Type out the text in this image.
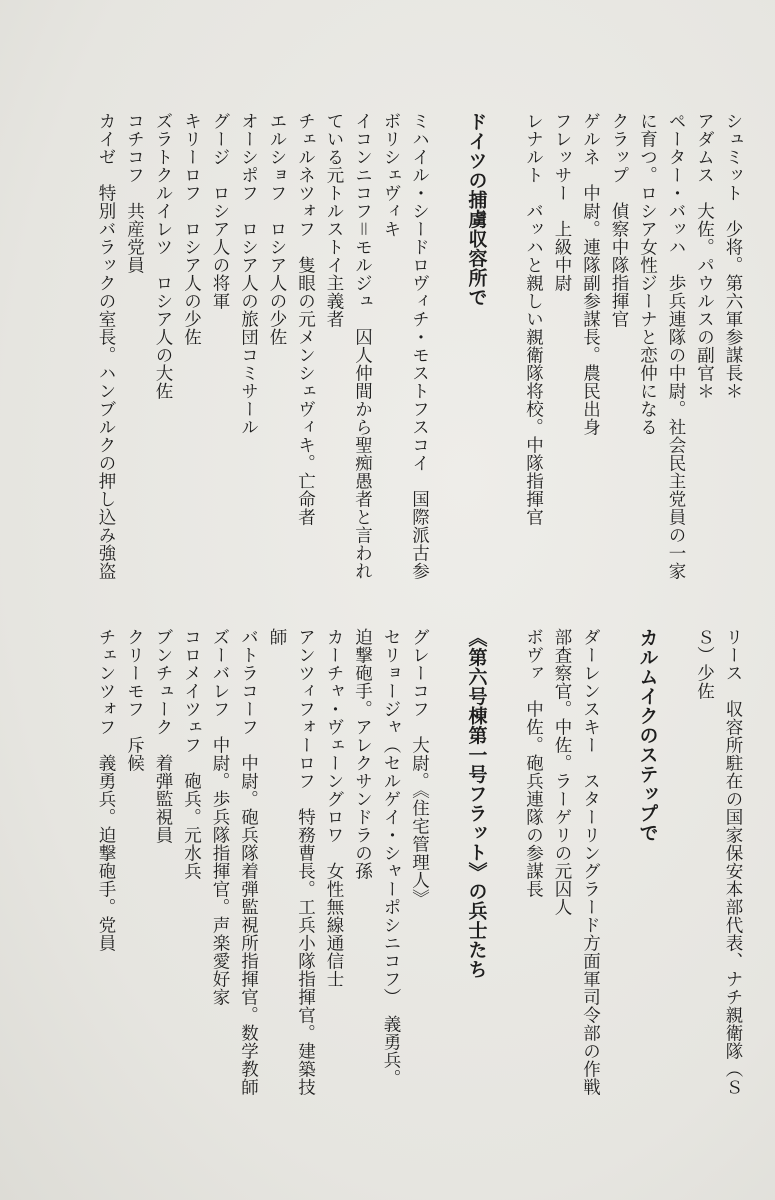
シュミット　少将。第六軍参謀長＊
アダムス　大佐。パウルスの副官＊
ペーター・バッハ　歩兵連隊の中尉。社会民主党員の一家
に育つ。ロシア女性ジーナと恋仲になる
クラップ　偵察中隊指揮官
ゲルネ　中尉。連隊副参謀長。農民出身
フレッサー　上級中尉
レナルト　バッハと親しい親衛隊将校。中隊指揮官
ドイツの捕虜収容所で
ミハイル・シードロヴィチ・モストフスコイ　国際派古参
ボリシェヴィキ
イコンニコフ＝モルジュ　囚人仲間から聖痴愚者と言われ
ている元トルストイ主義者
チェルネツォフ　隻眼の元メンシェヴィキ。亡命者
エルショフ　ロシア人の少佐
オーシポフ　ロシア人の旅団コミサール
グージ　ロシア人の将軍
キリーロフ　ロシア人の少佐
ズラトクルイレツ　ロシア人の大佐
コチコフ　共産党員
カイゼ　特別バラックの室長。ハンブルクの押し込み強盗
リース　収容所駐在の国家保安本部代表、ナチ親衛隊（Ｓ
Ｓ）少佐
カルムイクのステップで
ダーレンスキー　スターリングラード方面軍司令部の作戦
部査察官。中佐。ラーゲリの元囚人
ボヴァ　中佐。砲兵連隊の参謀長
《第六号棟第一号フラット》の兵士たち
グレーコフ　大尉。《住宅管理人》
セリョージャ（セルゲイ・シャーポシニコフ）　義勇兵。
迫撃砲手。アレクサンドラの孫
カーチャ・ヴェーングロワ　女性無線通信士
アンツィフォーロフ　特務曹長。工兵小隊指揮官。建築技
師
バトラコーフ　中尉。砲兵隊着弾監視所指揮官。数学教師
ズーバレフ　中尉。歩兵隊指揮官。声楽愛好家
コロメイツェフ　砲兵。元水兵
ブンチューク　着弾監視員
クリーモフ　斥候
チェンツォフ　義勇兵。迫撃砲手。党員
